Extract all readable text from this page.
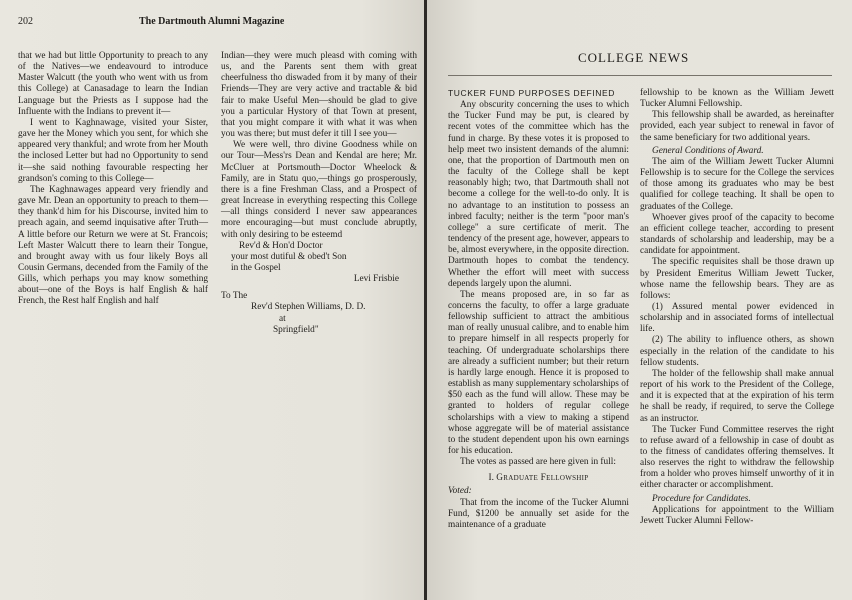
202	The Dartmouth Alumni Magazine

that we had but little Opportunity to preach to any of the Natives—we endeavourd to introduce Master Walcutt (the youth who went with us from this College) at Canasadage to learn the Indian Language but the Priests as I suppose had the Influente with the Indians to prevent it—

I went to Kaghnawage, visited your Sister, gave her the Money which you sent, for which she appeared very thankful; and wrote from her Mouth the inclosed Letter but had no Opportunity to send it—she said nothing favourable respecting her grandson's coming to this College—

The Kaghnawages appeard very friendly and gave Mr. Dean an opportunity to preach to them—they thank'd him for his Discourse, invited him to preach again, and seemd inquisative after Truth—A little before our Return we were at St. Francois; Left Master Walcutt there to learn their Tongue, and brought away with us four likely Boys all Cousin Germans, decended from the Family of the Gills, which perhaps you may know something about—one of the Boys is half English & half French, the Rest half English and half

Indian—they were much pleasd with coming with us, and the Parents sent them with great cheerfulness tho diswaded from it by many of their Friends—They are very active and tractable & bid fair to make Useful Men—should be glad to give you a particular Hystory of that Town at present, that you might compare it with what it was when you was there; but must defer it till I see you—

We were well, thro divine Goodness while on our Tour—Mess'rs Dean and Kendal are here; Mr. McCluer at Portsmouth—Doctor Wheelock & Family, are in Statu quo,—things go prosperously, there is a fine Freshman Class, and a Prospect of great Increase in everything respecting this College—all things considerd I never saw appearances more encouraging—but must conclude abruptly, with only desiring to be esteemd

Rev'd & Hon'd Doctor

your most dutiful & obed't Son

in the Gospel

Levi Frisbie

To The

Rev'd Stephen Williams, D. D.

at

Springfield"

COLLEGE NEWS

TUCKER FUND PURPOSES DEFINED

Any obscurity concerning the uses to which the Tucker Fund may be put, is cleared by recent votes of the committee which has the fund in charge. By these votes it is proposed to help meet two insistent demands of the alumni: one, that the proportion of Dartmouth men on the faculty of the College shall be kept reasonably high; two, that Dartmouth shall not become a college for the well-to-do only. It is no advantage to an institution to possess an inbred faculty; neither is the term "poor man's college" a sure certificate of merit. The tendency of the present age, however, appears to be, almost everywhere, in the opposite direction. Dartmouth hopes to combat the tendency. Whether the effort will meet with success depends largely upon the alumni.

The means proposed are, in so far as concerns the faculty, to offer a large graduate fellowship sufficient to attract the ambitious man of really unusual calibre, and to enable him to prepare himself in all respects properly for teaching. Of undergraduate scholarships there are already a sufficient number; but their return is hardly large enough. Hence it is proposed to establish as many supplementary scholarships of $50 each as the fund will allow. These may be granted to holders of regular college scholarships with a view to making a stipend whose aggregate will be of material assistance to the student dependent upon his own earnings for his education.

The votes as passed are here given in full:

I. Graduate Fellowship

Voted:

That from the income of the Tucker Alumni Fund, $1200 be annually set aside for the maintenance of a graduate

fellowship to be known as the William Jewett Tucker Alumni Fellowship.

This fellowship shall be awarded, as hereinafter provided, each year subject to renewal in favor of the same beneficiary for two additional years.

General Conditions of Award.

The aim of the William Jewett Tucker Alumni Fellowship is to secure for the College the services of those among its graduates who may be best qualified for college teaching. It shall be open to graduates of the College.

Whoever gives proof of the capacity to become an efficient college teacher, according to present standards of scholarship and leadership, may be a candidate for appointment.

The specific requisites shall be those drawn up by President Emeritus William Jewett Tucker, whose name the fellowship bears. They are as follows:

(1) Assured mental power evidenced in scholarship and in associated forms of intellectual life.

(2) The ability to influence others, as shown especially in the relation of the candidate to his fellow students.

The holder of the fellowship shall make annual report of his work to the President of the College, and it is expected that at the expiration of his term he shall be ready, if required, to serve the College as an instructor.

The Tucker Fund Committee reserves the right to refuse award of a fellowship in case of doubt as to the fitness of candidates offering themselves. It also reserves the right to withdraw the fellowship from a holder who proves himself unworthy of it in either character or accomplishment.

Procedure for Candidates.

Applications for appointment to the William Jewett Tucker Alumni Fellow-
